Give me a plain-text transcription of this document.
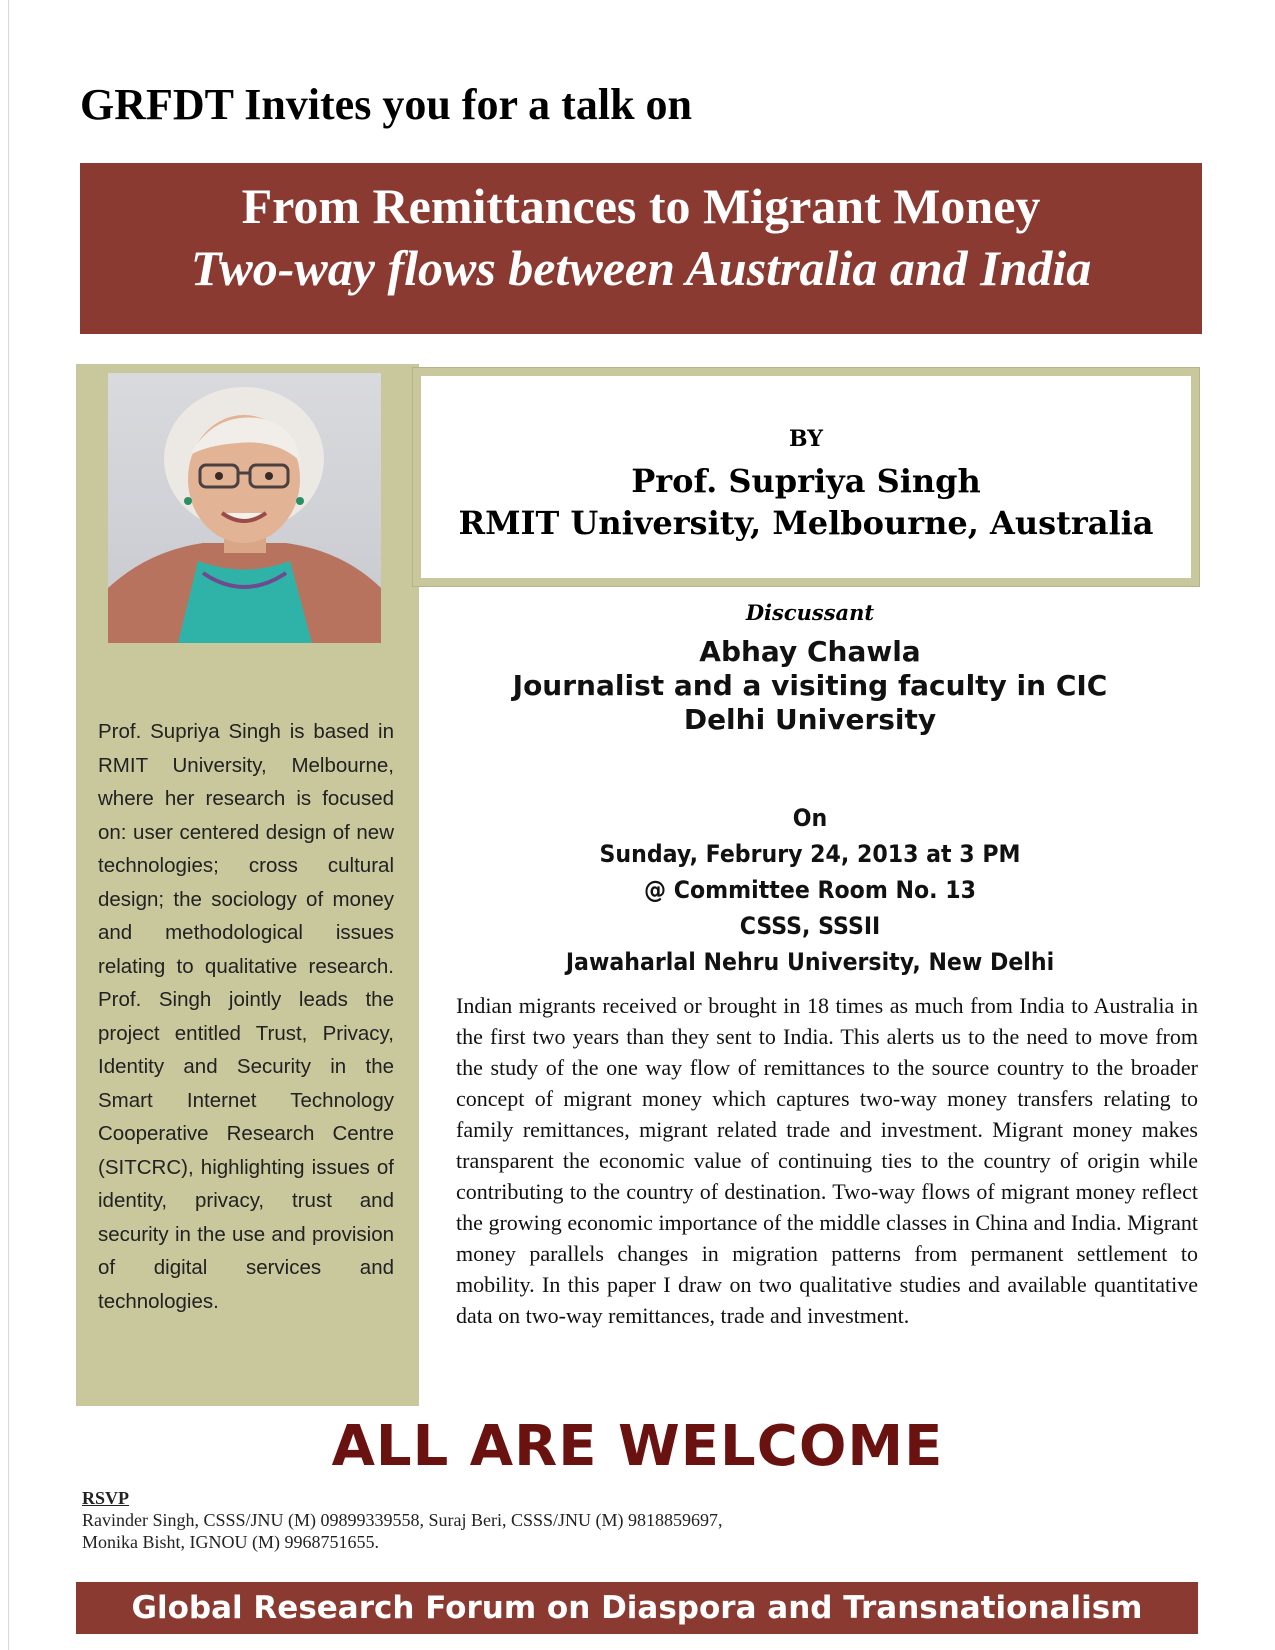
GRFDT Invites you for a talk on
From Remittances to Migrant Money
Two-way flows between Australia and India

Prof. Supriya Singh is based in RMIT University, Melbourne, where her research is focused on: user centered design of new technologies; cross cultural design; the sociology of money and methodological issues relating to qualitative research. Prof. Singh jointly leads the project entitled Trust, Privacy, Identity and Security in the Smart Internet Technology Cooperative Research Centre (SITCRC), highlighting issues of identity, privacy, trust and security in the use and provision of digital services and technologies.

BY
Prof. Supriya Singh
RMIT University, Melbourne, Australia
Discussant
Abhay Chawla
Journalist and a visiting faculty in CIC
Delhi University
On
Sunday, Februry 24, 2013 at 3 PM
@ Committee Room No. 13
CSSS, SSSII
Jawaharlal Nehru University, New Delhi

Indian migrants received or brought in 18 times as much from India to Australia in the first two years than they sent to India. This alerts us to the need to move from the study of the one way flow of remittances to the source country to the broader concept of migrant money which captures two-way money transfers relating to family remittances, migrant related trade and investment. Migrant money makes transparent the economic value of continuing ties to the country of origin while contributing to the country of destination. Two-way flows of migrant money reflect the growing economic importance of the middle classes in China and India. Migrant money parallels changes in migration patterns from permanent settlement to mobility. In this paper I draw on two qualitative studies and available quantitative data on two-way remittances, trade and investment.

ALL ARE WELCOME
RSVP
Ravinder Singh, CSSS/JNU (M) 09899339558, Suraj Beri, CSSS/JNU (M) 9818859697,
Monika Bisht, IGNOU (M) 9968751655.
Global Research Forum on Diaspora and Transnationalism
